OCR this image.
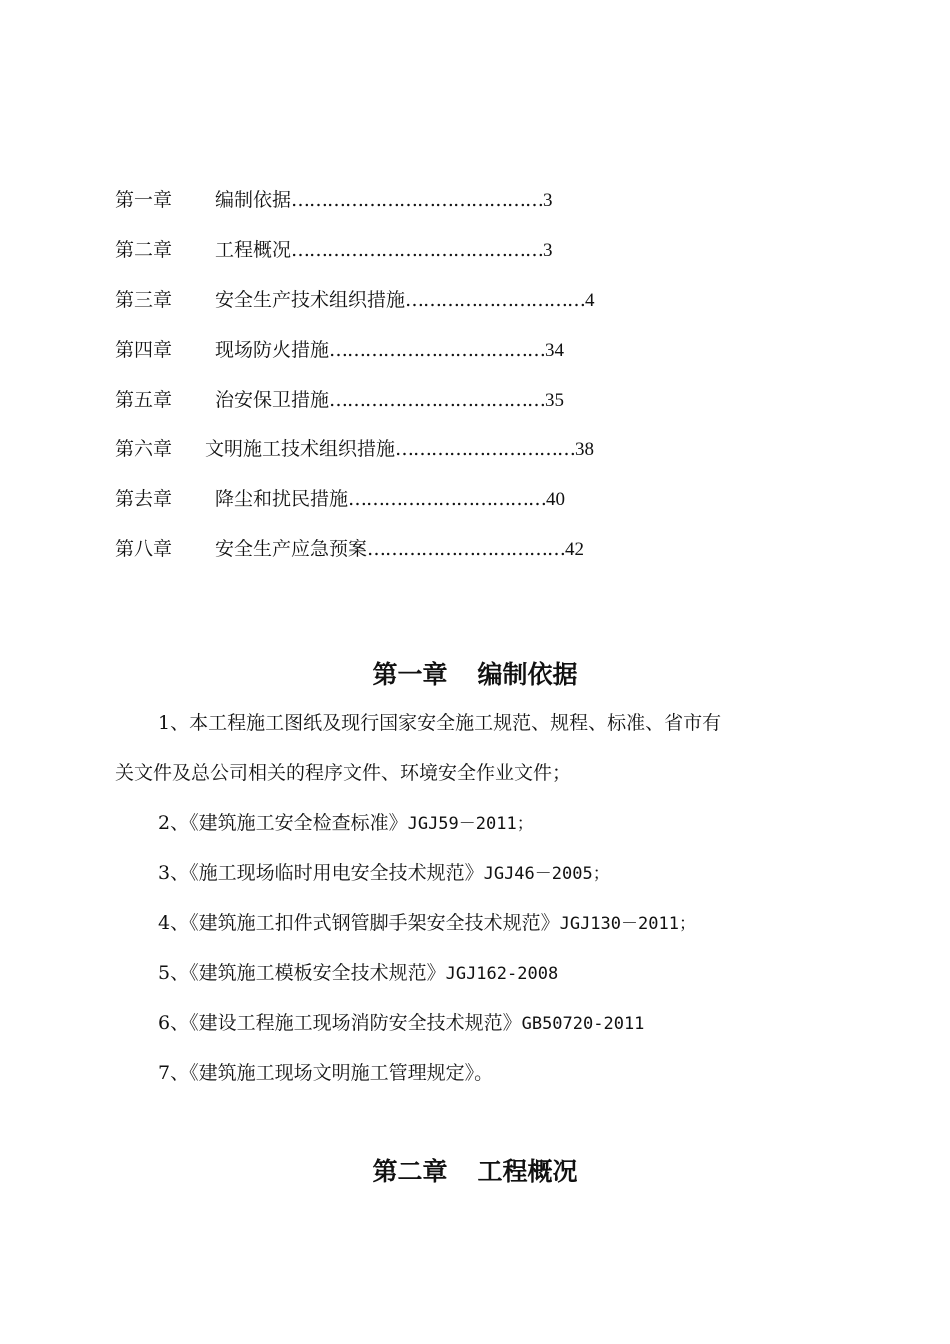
第一章 编制依据……………………………………3
第二章 工程概况……………………………………3
第三章 安全生产技术组织措施…………………………4
第四章 现场防火措施………………………………34
第五章 治安保卫措施………………………………35
第六章 文明施工技术组织措施…………………………38
第去章 降尘和扰民措施……………………………40
第八章 安全生产应急预案……………………………42
第一章 编制依据
1、本工程施工图纸及现行国家安全施工规范、规程、标准、省市有
关文件及总公司相关的程序文件、环境安全作业文件；
2、《建筑施工安全检查标准》JGJ59－2011；
3、《施工现场临时用电安全技术规范》JGJ46－2005；
4、《建筑施工扣件式钢管脚手架安全技术规范》JGJ130－2011；
5、《建筑施工模板安全技术规范》JGJ162-2008
6、《建设工程施工现场消防安全技术规范》GB50720-2011
7、《建筑施工现场文明施工管理规定》。
第二章 工程概况
